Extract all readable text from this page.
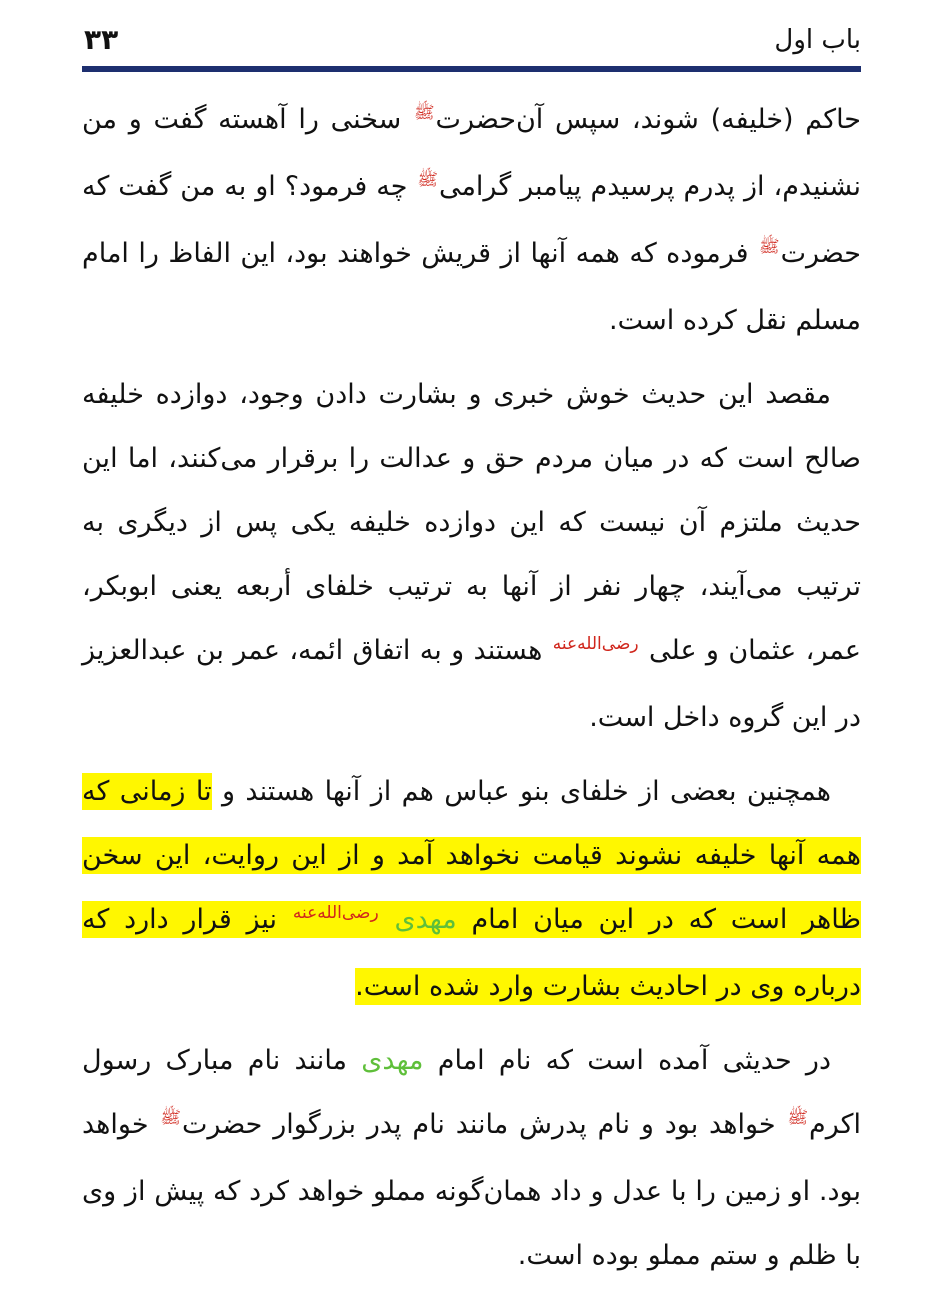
باب اول
۳۳

حاکم (خلیفه) شوند، سپس آن‌حضرت$^ﷺ$ سخنی را آهسته گفت و من نشنیدم، از پدرم پرسیدم پیامبر گرامی$^ﷺ$ چه فرمود؟ او به من گفت که حضرت$^ﷺ$ فرموده که همه آنها از قریش خواهند بود، این الفاظ را امام مسلم نقل کرده است.

مقصد این حدیث خوش خبری و بشارت دادن وجود، دوازده خلیفه صالح است که در میان مردم حق و عدالت را برقرار می‌کنند، اما این حدیث ملتزم آن نیست که این دوازده خلیفه یکی پس از دیگری به ترتیب می‌آیند، چهار نفر از آنها به ترتیب خلفای أربعه یعنی ابوبکر، عمر، عثمان و علی $^{رضی‌الله‌عنه}$ هستند و به اتفاق ائمه، عمر بن عبدالعزیز در این گروه داخل است.

همچنین بعضی از خلفای بنو عباس هم از آنها هستند و تا زمانی که همه آنها خلیفه نشوند قیامت نخواهد آمد و از این روایت، این سخن ظاهر است که در این میان امام مهدی $^{رضی‌الله‌عنه}$ نیز قرار دارد که درباره وی در احادیث بشارت وارد شده است.

در حدیثی آمده است که نام امام مهدی مانند نام مبارک رسول اکرم$^ﷺ$ خواهد بود و نام پدرش مانند نام پدر بزرگوار حضرت$^ﷺ$ خواهد بود. او زمین را با عدل و داد همان‌گونه مملو خواهد کرد که پیش از وی با ظلم و ستم مملو بوده است.
